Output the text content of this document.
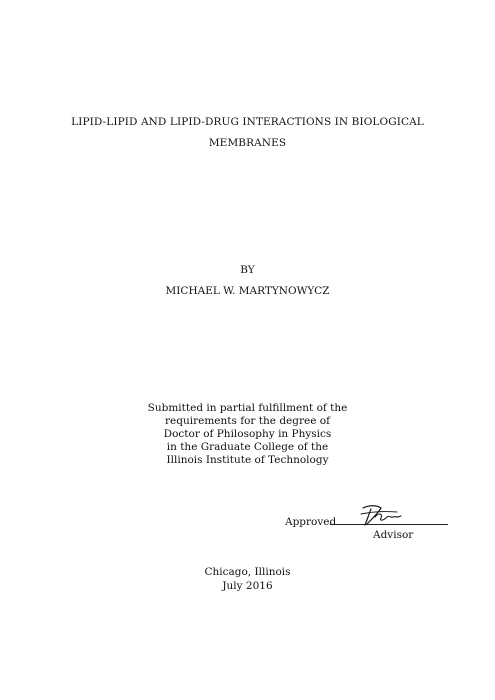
LIPID-LIPID AND LIPID-DRUG INTERACTIONS IN BIOLOGICAL
MEMBRANES
BY
MICHAEL W. MARTYNOWYCZ
Submitted in partial fulfillment of the
requirements for the degree of
Doctor of Philosophy in Physics
in the Graduate College of the
Illinois Institute of Technology
Approved
Advisor
Chicago, Illinois
July 2016
